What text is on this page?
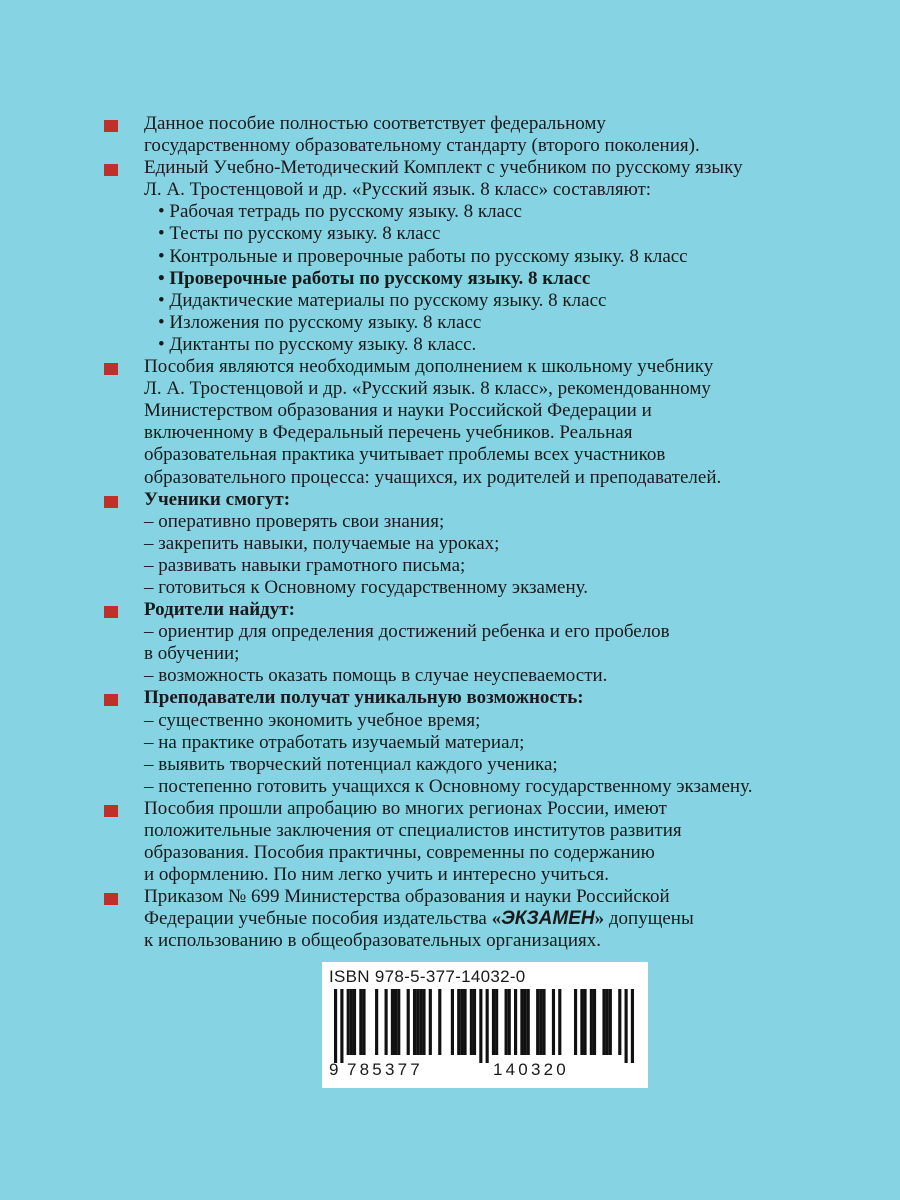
Данное пособие полностью соответствует федеральному
государственному образовательному стандарту (второго поколения).
Единый Учебно-Методический Комплект с учебником по русскому языку
Л. А. Тростенцовой и др. «Русский язык. 8 класс» составляют:
• Рабочая тетрадь по русскому языку. 8 класс
• Тесты по русскому языку. 8 класс
• Контрольные и проверочные работы по русскому языку. 8 класс
• Проверочные работы по русскому языку. 8 класс
• Дидактические материалы по русскому языку. 8 класс
• Изложения по русскому языку. 8 класс
• Диктанты по русскому языку. 8 класс.
Пособия являются необходимым дополнением к школьному учебнику
Л. А. Тростенцовой и др. «Русский язык. 8 класс», рекомендованному
Министерством образования и науки Российской Федерации и
включенному в Федеральный перечень учебников. Реальная
образовательная практика учитывает проблемы всех участников
образовательного процесса: учащихся, их родителей и преподавателей.
Ученики смогут:
– оперативно проверять свои знания;
– закрепить навыки, получаемые на уроках;
– развивать навыки грамотного письма;
– готовиться к Основному государственному экзамену.
Родители найдут:
– ориентир для определения достижений ребенка и его пробелов
в обучении;
– возможность оказать помощь в случае неуспеваемости.
Преподаватели получат уникальную возможность:
– существенно экономить учебное время;
– на практике отработать изучаемый материал;
– выявить творческий потенциал каждого ученика;
– постепенно готовить учащихся к Основному государственному экзамену.
Пособия прошли апробацию во многих регионах России, имеют
положительные заключения от специалистов институтов развития
образования. Пособия практичны, современны по содержанию
и оформлению. По ним легко учить и интересно учиться.
Приказом № 699 Министерства образования и науки Российской
Федерации учебные пособия издательства «ЭКЗАМЕН» допущены
к использованию в общеобразовательных организациях.
ISBN 978-5-377-14032-0
9 785377	140320
